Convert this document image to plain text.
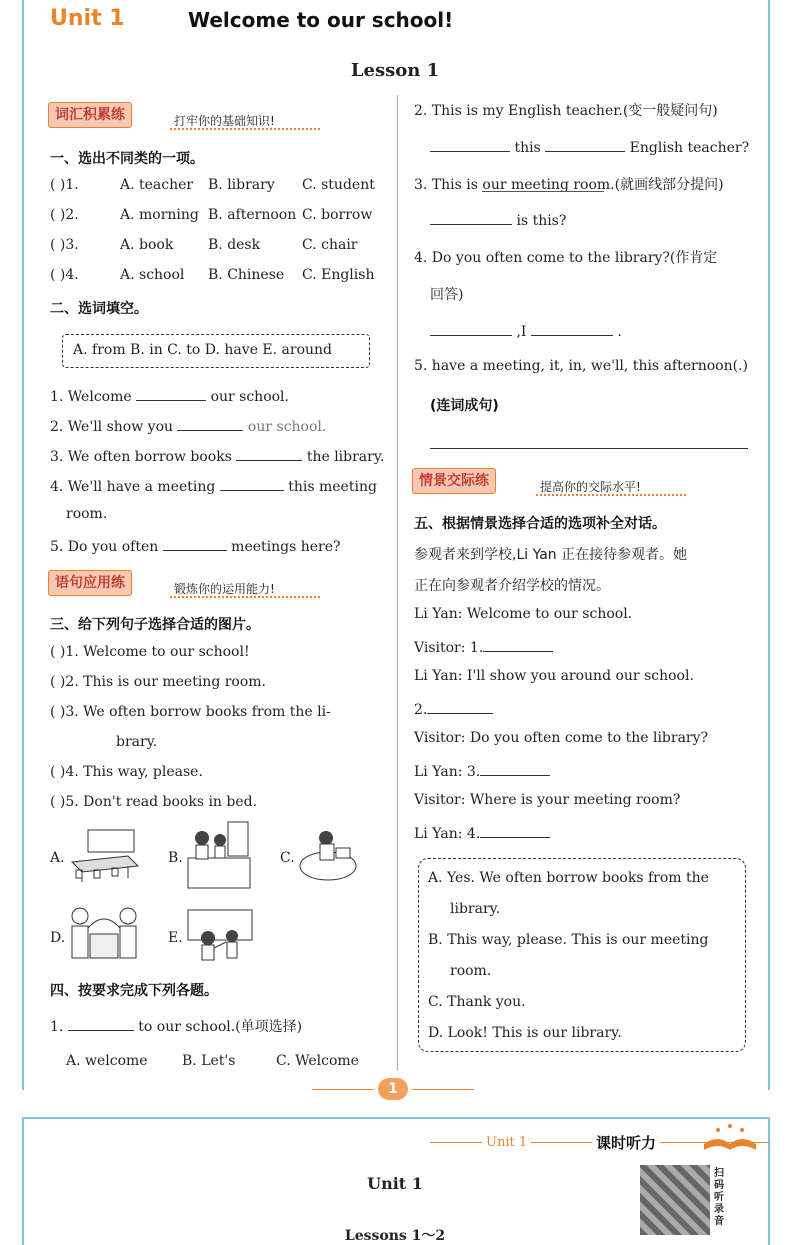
Unit 1	Welcome to our school!
Lesson 1
词汇积累练	打牢你的基础知识!
一、选出不同类的一项。
( )1.	A. teacher B. library C. student
( )2.	A. morning B. afternoon C. borrow
( )3.	A. book B. desk	C. chair
( )4.	A. school B. Chinese C. English
二、选词填空。
A. from B. in C. to D. have E. around
1. Welcome	our school.
2. We'll show you	our school.
3. We often borrow books	the library.
4. We'll have a meeting	this meeting
room.
5. Do you often	meetings here?
语句应用练	锻炼你的运用能力!
三、给下列句子选择合适的图片。
( )1. Welcome to our school!
( )2. This is our meeting room.
( )3. We often borrow books from the li-
brary.
( )4. This way, please.
( )5. Don't read books in bed.
A.	B.	C.
D.	E.
四、按要求完成下列各题。
1.	to our school.(单项选择)
A. welcome B. Let's	C. Welcome
2. This is my English teacher.(变一般疑问句)
this	English teacher?
3. This is our meeting room.(就画线部分提问)
is this?
4. Do you often come to the library?(作肯定
回答)
,I	.
5. have a meeting, it, in, we'll, this afternoon(.)
(连词成句)
情景交际练	提高你的交际水平!
五、根据情景选择合适的选项补全对话。
参观者来到学校,Li Yan 正在接待参观者。她
正在向参观者介绍学校的情况。
Li Yan: Welcome to our school.
Visitor: 1.
Li Yan: I'll show you around our school.
2.
Visitor: Do you often come to the library?
Li Yan: 3.
Visitor: Where is your meeting room?
Li Yan: 4.
A. Yes. We often borrow books from the
library.
B. This way, please. This is our meeting
room.
C. Thank you.
D. Look! This is our library.
1
Unit 1	课时听力
Unit 1
Lessons 1～2
扫码听录音
